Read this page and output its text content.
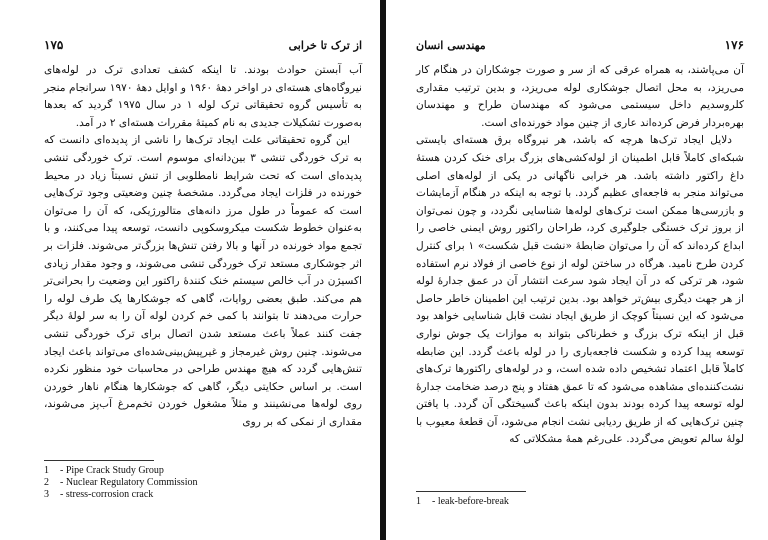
۱۷۵	از ترک تا خرابی

آب آبستن حوادث بودند. تا اینکه کشف تعدادی ترک در لوله‌های نیروگاه‌های هسته‌ای در اواخر دههٔ ۱۹۶۰ و اوایل دههٔ ۱۹۷۰ سرانجام منجر به تأسیس گروه تحقیقاتی ترک لوله ۱ در سال ۱۹۷۵ گردید که بعدها به‌صورت تشکیلات جدیدی به نام کمیتهٔ مقررات هسته‌ای ۲ در آمد.

این گروه تحقیقاتی علت ایجاد ترک‌ها را ناشی از پدیده‌ای دانست که به ترک خوردگی تنشی ۳ بین‌دانه‌ای موسوم است. ترک خوردگی تنشی پدیده‌ای است که تحت شرایط نامطلوبی از تنش نسبتاً زیاد در محیط خورنده در فلزات ایجاد می‌گردد. مشخصهٔ چنین وضعیتی وجود ترک‌هایی است که عموماً در طول مرز دانه‌های متالورژیکی، که آن را می‌توان به‌عنوان خطوط شکست میکروسکوپی دانست، توسعه پیدا می‌کنند، و با تجمع مواد خورنده در آنها و بالا رفتن تنش‌ها بزرگ‌تر می‌شوند. فلزات بر اثر جوشکاری مستعد ترک خوردگی تنشی می‌شوند، و وجود مقدار زیادی اکسیژن در آب خالص سیستم خنک کنندهٔ راکتور این وضعیت را بحرانی‌تر هم می‌کند. طبق بعضی روایات، گاهی که جوشکارها یک طرف لوله را حرارت می‌دهند تا بتوانند با کمی خم کردن لوله آن را به سر لولهٔ دیگر جفت کنند عملاً باعث مستعد شدن اتصال برای ترک خوردگی تنشی می‌شوند. چنین روش غیرمجاز و غیرپیش‌بینی‌شده‌ای می‌تواند باعث ایجاد تنش‌هایی گردد که هیچ مهندس طراحی در محاسبات خود منظور نکرده است. بر اساس حکایتی دیگر، گاهی که جوشکارها هنگام ناهار خوردن روی لوله‌ها می‌نشینند و مثلاً مشغول خوردن تخم‌مرغ آب‌پز می‌شوند، مقداری از نمکی که بر روی

1	- Pipe Crack Study Group
2	- Nuclear Regulatory Commission
3	- stress-corrosion crack
مهندسی انسان	۱۷۶

آن می‌پاشند، به همراه عرقی که از سر و صورت جوشکاران در هنگام کار می‌ریزد، به محل اتصال جوشکاری لوله می‌ریزد، و بدین ترتیب مقداری کلروسدیم داخل سیستمی می‌شود که مهندسان طراح و مهندسان بهره‌بردار فرض کرده‌اند عاری از چنین مواد خورنده‌ای است.

دلایل ایجاد ترک‌ها هرچه که باشد، هر نیروگاه برق هسته‌ای بایستی شبکه‌ای کاملاً قابل اطمینان از لوله‌کشی‌های بزرگ برای خنک کردن هستهٔ داغ راکتور داشته باشد. هر خرابی ناگهانی در یکی از لوله‌های اصلی می‌تواند منجر به فاجعه‌ای عظیم گردد. با توجه به اینکه در هنگام آزمایشات و بازرسی‌ها ممکن است ترک‌های لوله‌ها شناسایی نگردد، و چون نمی‌توان از بروز ترک خستگی جلوگیری کرد، طراحان راکتور روش ایمنی خاصی را ابداع کرده‌اند که آن را می‌توان ضابطهٔ «نشت قبل شکست» ۱ برای کنترل کردن طرح نامید. هرگاه در ساختن لوله از نوع خاصی از فولاد نرم استفاده شود، هر ترکی که در آن ایجاد شود سرعت انتشار آن در عمق جدارهٔ لوله از هر جهت دیگری بیش‌تر خواهد بود. بدین ترتیب این اطمینان خاطر حاصل می‌شود که این نسبتاً کوچک از طریق ایجاد نشت قابل شناسایی خواهد بود قبل از اینکه ترک بزرگ و خطرناکی بتواند به موازات یک جوش نواری توسعه پیدا کرده و شکست فاجعه‌باری را در لوله باعث گردد. این ضابطه کاملاً قابل اعتماد تشخیص داده شده است، و در لوله‌های راکتورها ترک‌های نشت‌کننده‌ای مشاهده می‌شود که تا عمق هفتاد و پنج درصد ضخامت جدارهٔ لوله توسعه پیدا کرده بودند بدون اینکه باعث گسیختگی آن گردد. با یافتن چنین ترک‌هایی که از طریق ردیابی نشت انجام می‌شود، آن قطعهٔ معیوب با لولهٔ سالم تعویض می‌گردد. علی‌رغم همهٔ مشکلاتی که

1	- leak-before-break
